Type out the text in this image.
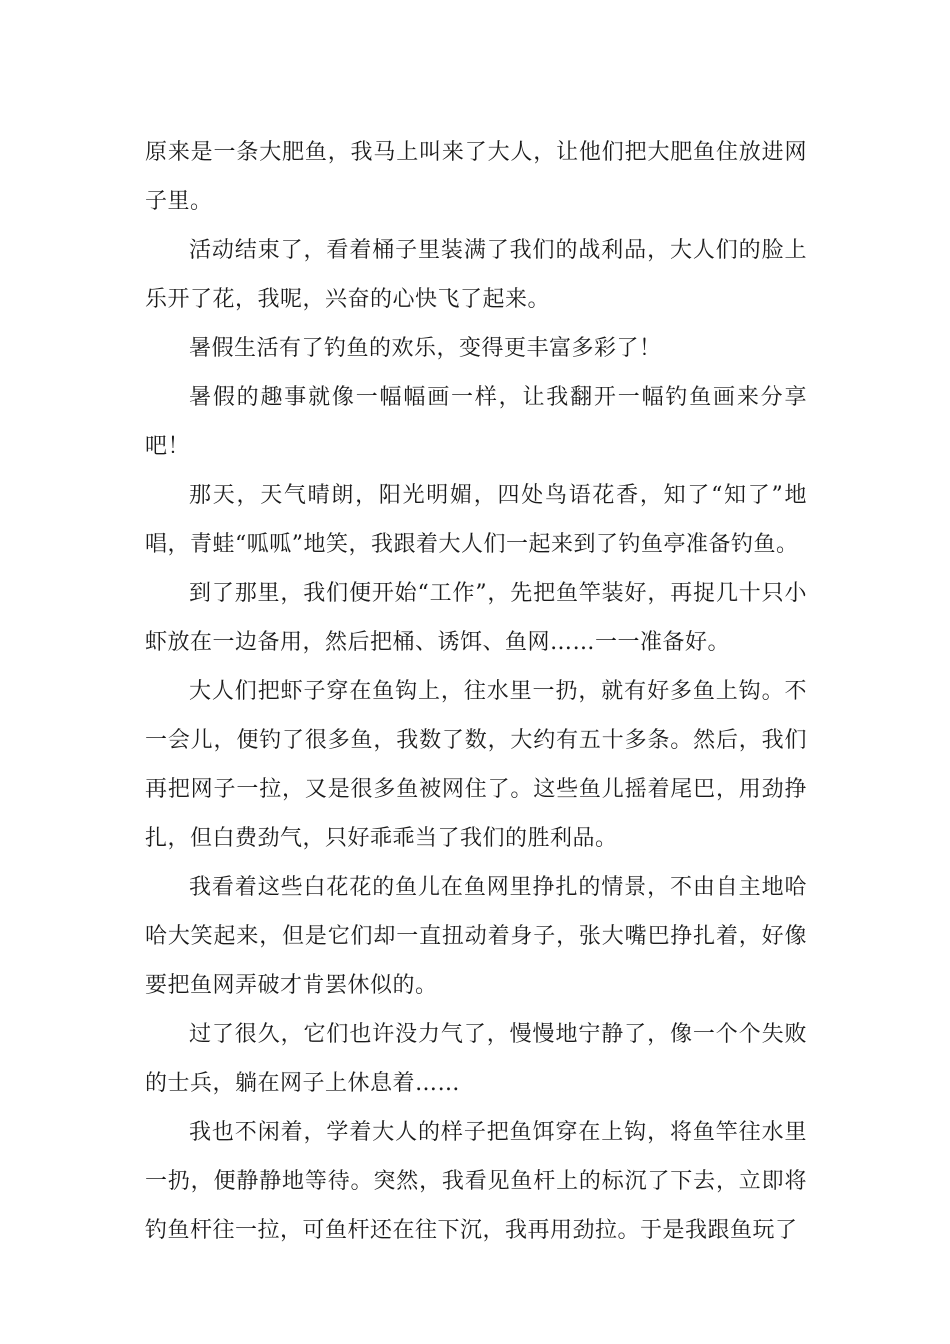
原来是一条大肥鱼，我马上叫来了大人，让他们把大肥鱼住放进网子里。

活动结束了，看着桶子里装满了我们的战利品，大人们的脸上乐开了花，我呢，兴奋的心快飞了起来。

暑假生活有了钓鱼的欢乐，变得更丰富多彩了！

暑假的趣事就像一幅幅画一样，让我翻开一幅钓鱼画来分享吧！

那天，天气晴朗，阳光明媚，四处鸟语花香，知了“知了”地唱，青蛙“呱呱”地笑，我跟着大人们一起来到了钓鱼亭准备钓鱼。

到了那里，我们便开始“工作”，先把鱼竿装好，再捉几十只小虾放在一边备用，然后把桶、诱饵、鱼网……一一准备好。

大人们把虾子穿在鱼钩上，往水里一扔，就有好多鱼上钩。不一会儿，便钓了很多鱼，我数了数，大约有五十多条。然后，我们再把网子一拉，又是很多鱼被网住了。这些鱼儿摇着尾巴，用劲挣扎，但白费劲气，只好乖乖当了我们的胜利品。

我看着这些白花花的鱼儿在鱼网里挣扎的情景，不由自主地哈哈大笑起来，但是它们却一直扭动着身子，张大嘴巴挣扎着，好像要把鱼网弄破才肯罢休似的。

过了很久，它们也许没力气了，慢慢地宁静了，像一个个失败的士兵，躺在网子上休息着……

我也不闲着，学着大人的样子把鱼饵穿在上钩，将鱼竿往水里一扔，便静静地等待。突然，我看见鱼杆上的标沉了下去，立即将钓鱼杆往一拉，可鱼杆还在往下沉，我再用劲拉。于是我跟鱼玩了
